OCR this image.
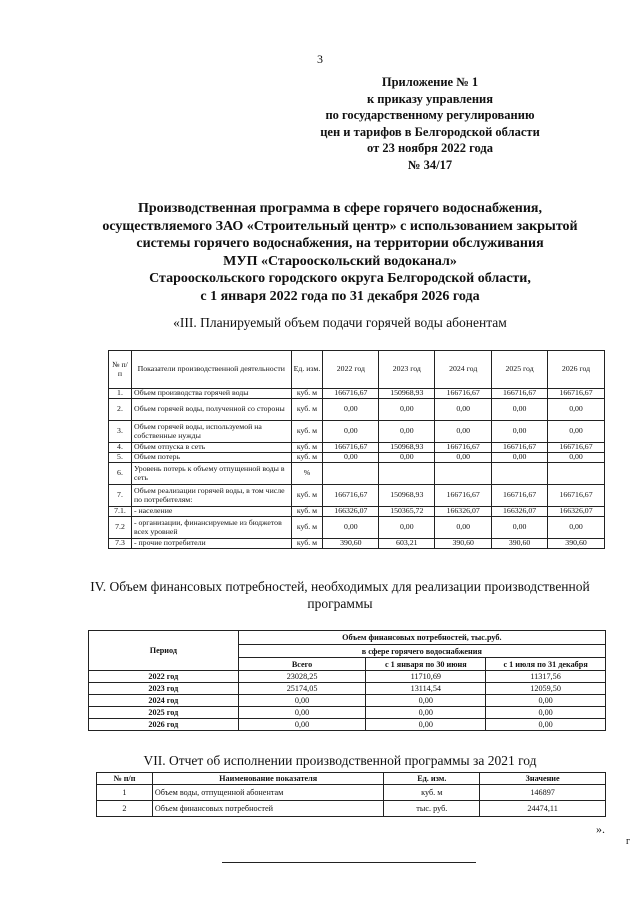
3
Приложение № 1
к приказу управления
по государственному регулированию
цен и тарифов в Белгородской области
от 23 ноября 2022 года
№ 34/17
Производственная программа в сфере горячего водоснабжения,
осуществляемого ЗАО «Строительный центр» с использованием закрытой
системы горячего водоснабжения, на территории обслуживания
МУП «Старооскольский водоканал»
Старооскольского городского округа Белгородской области,
с 1 января 2022 года по 31 декабря 2026 года
«III. Планируемый объем подачи горячей воды абонентам
№ п/п	Показатели производственной деятельности	Ед. изм.	2022 год	2023 год	2024 год	2025 год	2026 год
1.	Объем производства горячей воды	куб. м	166716,67	150968,93	166716,67	166716,67	166716,67
2.	Объем горячей воды, полученной со стороны	куб. м	0,00	0,00	0,00	0,00	0,00
3.	Объем горячей воды, используемой на собственные нужды	куб. м	0,00	0,00	0,00	0,00	0,00
4.	Объем отпуска в сеть	куб. м	166716,67	150968,93	166716,67	166716,67	166716,67
5.	Объем потерь	куб. м	0,00	0,00	0,00	0,00	0,00
6.	Уровень потерь к объему отпущенной воды в сеть	%					
7.	Объем реализации горячей воды, в том числе по потребителям:	куб. м	166716,67	150968,93	166716,67	166716,67	166716,67
7.1.	- население	куб. м	166326,07	150365,72	166326,07	166326,07	166326,07
7.2	- организации, финансируемые из бюджетов всех уровней	куб. м	0,00	0,00	0,00	0,00	0,00
7.3	- прочие потребители	куб. м	390,60	603,21	390,60	390,60	390,60
IV. Объем финансовых потребностей, необходимых для реализации производственной программы
Период	Объем финансовых потребностей, тыс.руб.		
	в сфере горячего водоснабжения		
	Всего	с 1 января по 30 июня	с 1 июля по 31 декабря
2022 год	23028,25	11710,69	11317,56
2023 год	25174,05	13114,54	12059,50
2024 год	0,00	0,00	0,00
2025 год	0,00	0,00	0,00
2026 год	0,00	0,00	0,00
VII. Отчет об исполнении производственной программы за 2021 год
№ п/п	Наименование показателя	Ед. изм.	Значение
1	Объем воды, отпущенной абонентам	куб. м	146897
2	Объем финансовых потребностей	тыс. руб.	24474,11
».
г
